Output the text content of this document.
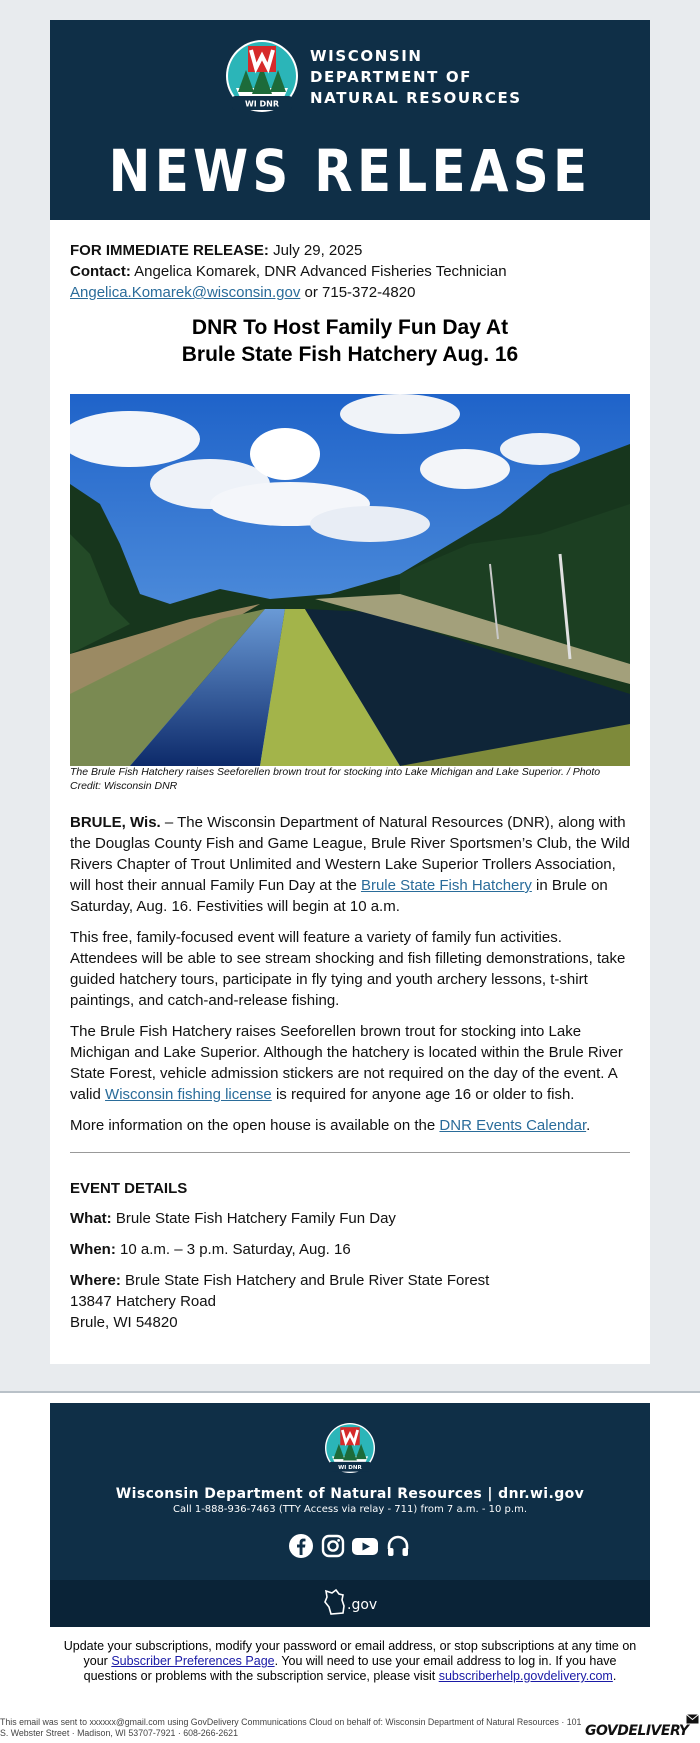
WI DNR
WISCONSIN
DEPARTMENT OF
NATURAL RESOURCES
NEWS RELEASE

FOR IMMEDIATE RELEASE: July 29, 2025

Contact: Angelica Komarek, DNR Advanced Fisheries Technician

Angelica.Komarek@wisconsin.gov or 715-372-4820

DNR To Host Family Fun Day At
Brule State Fish Hatchery Aug. 16
The Brule Fish Hatchery raises Seeforellen brown trout for stocking into Lake Michigan and Lake Superior. / Photo Credit: Wisconsin DNR

BRULE, Wis. – The Wisconsin Department of Natural Resources (DNR), along with the Douglas County Fish and Game League, Brule River Sportsmen’s Club, the Wild Rivers Chapter of Trout Unlimited and Western Lake Superior Trollers Association, will host their annual Family Fun Day at the Brule State Fish Hatchery in Brule on Saturday, Aug. 16. Festivities will begin at 10 a.m.

This free, family-focused event will feature a variety of family fun activities. Attendees will be able to see stream shocking and fish filleting demonstrations, take guided hatchery tours, participate in fly tying and youth archery lessons, t-shirt paintings, and catch-and-release fishing.

The Brule Fish Hatchery raises Seeforellen brown trout for stocking into Lake Michigan and Lake Superior. Although the hatchery is located within the Brule River State Forest, vehicle admission stickers are not required on the day of the event. A valid Wisconsin fishing license is required for anyone age 16 or older to fish.

More information on the open house is available on the DNR Events Calendar.

EVENT DETAILS
What: Brule State Fish Hatchery Family Fun Day
When: 10 a.m. – 3 p.m. Saturday, Aug. 16
Where: Brule State Fish Hatchery and Brule River State Forest
13847 Hatchery Road
Brule, WI 54820
WI DNR
Wisconsin Department of Natural Resources | dnr.wi.gov
Call 1-888-936-7463 (TTY Access via relay - 711) from 7 a.m. - 10 p.m.
.gov
Update your subscriptions, modify your password or email address, or stop subscriptions at any time on your Subscriber Preferences Page. You will need to use your email address to log in. If you have questions or problems with the subscription service, please visit subscriberhelp.govdelivery.com.
This email was sent to xxxxxx@gmail.com using GovDelivery Communications Cloud on behalf of: Wisconsin Department of Natural Resources · 101 S. Webster Street · Madison, WI 53707-7921 · 608-266-2621	GOVDELIVERY
